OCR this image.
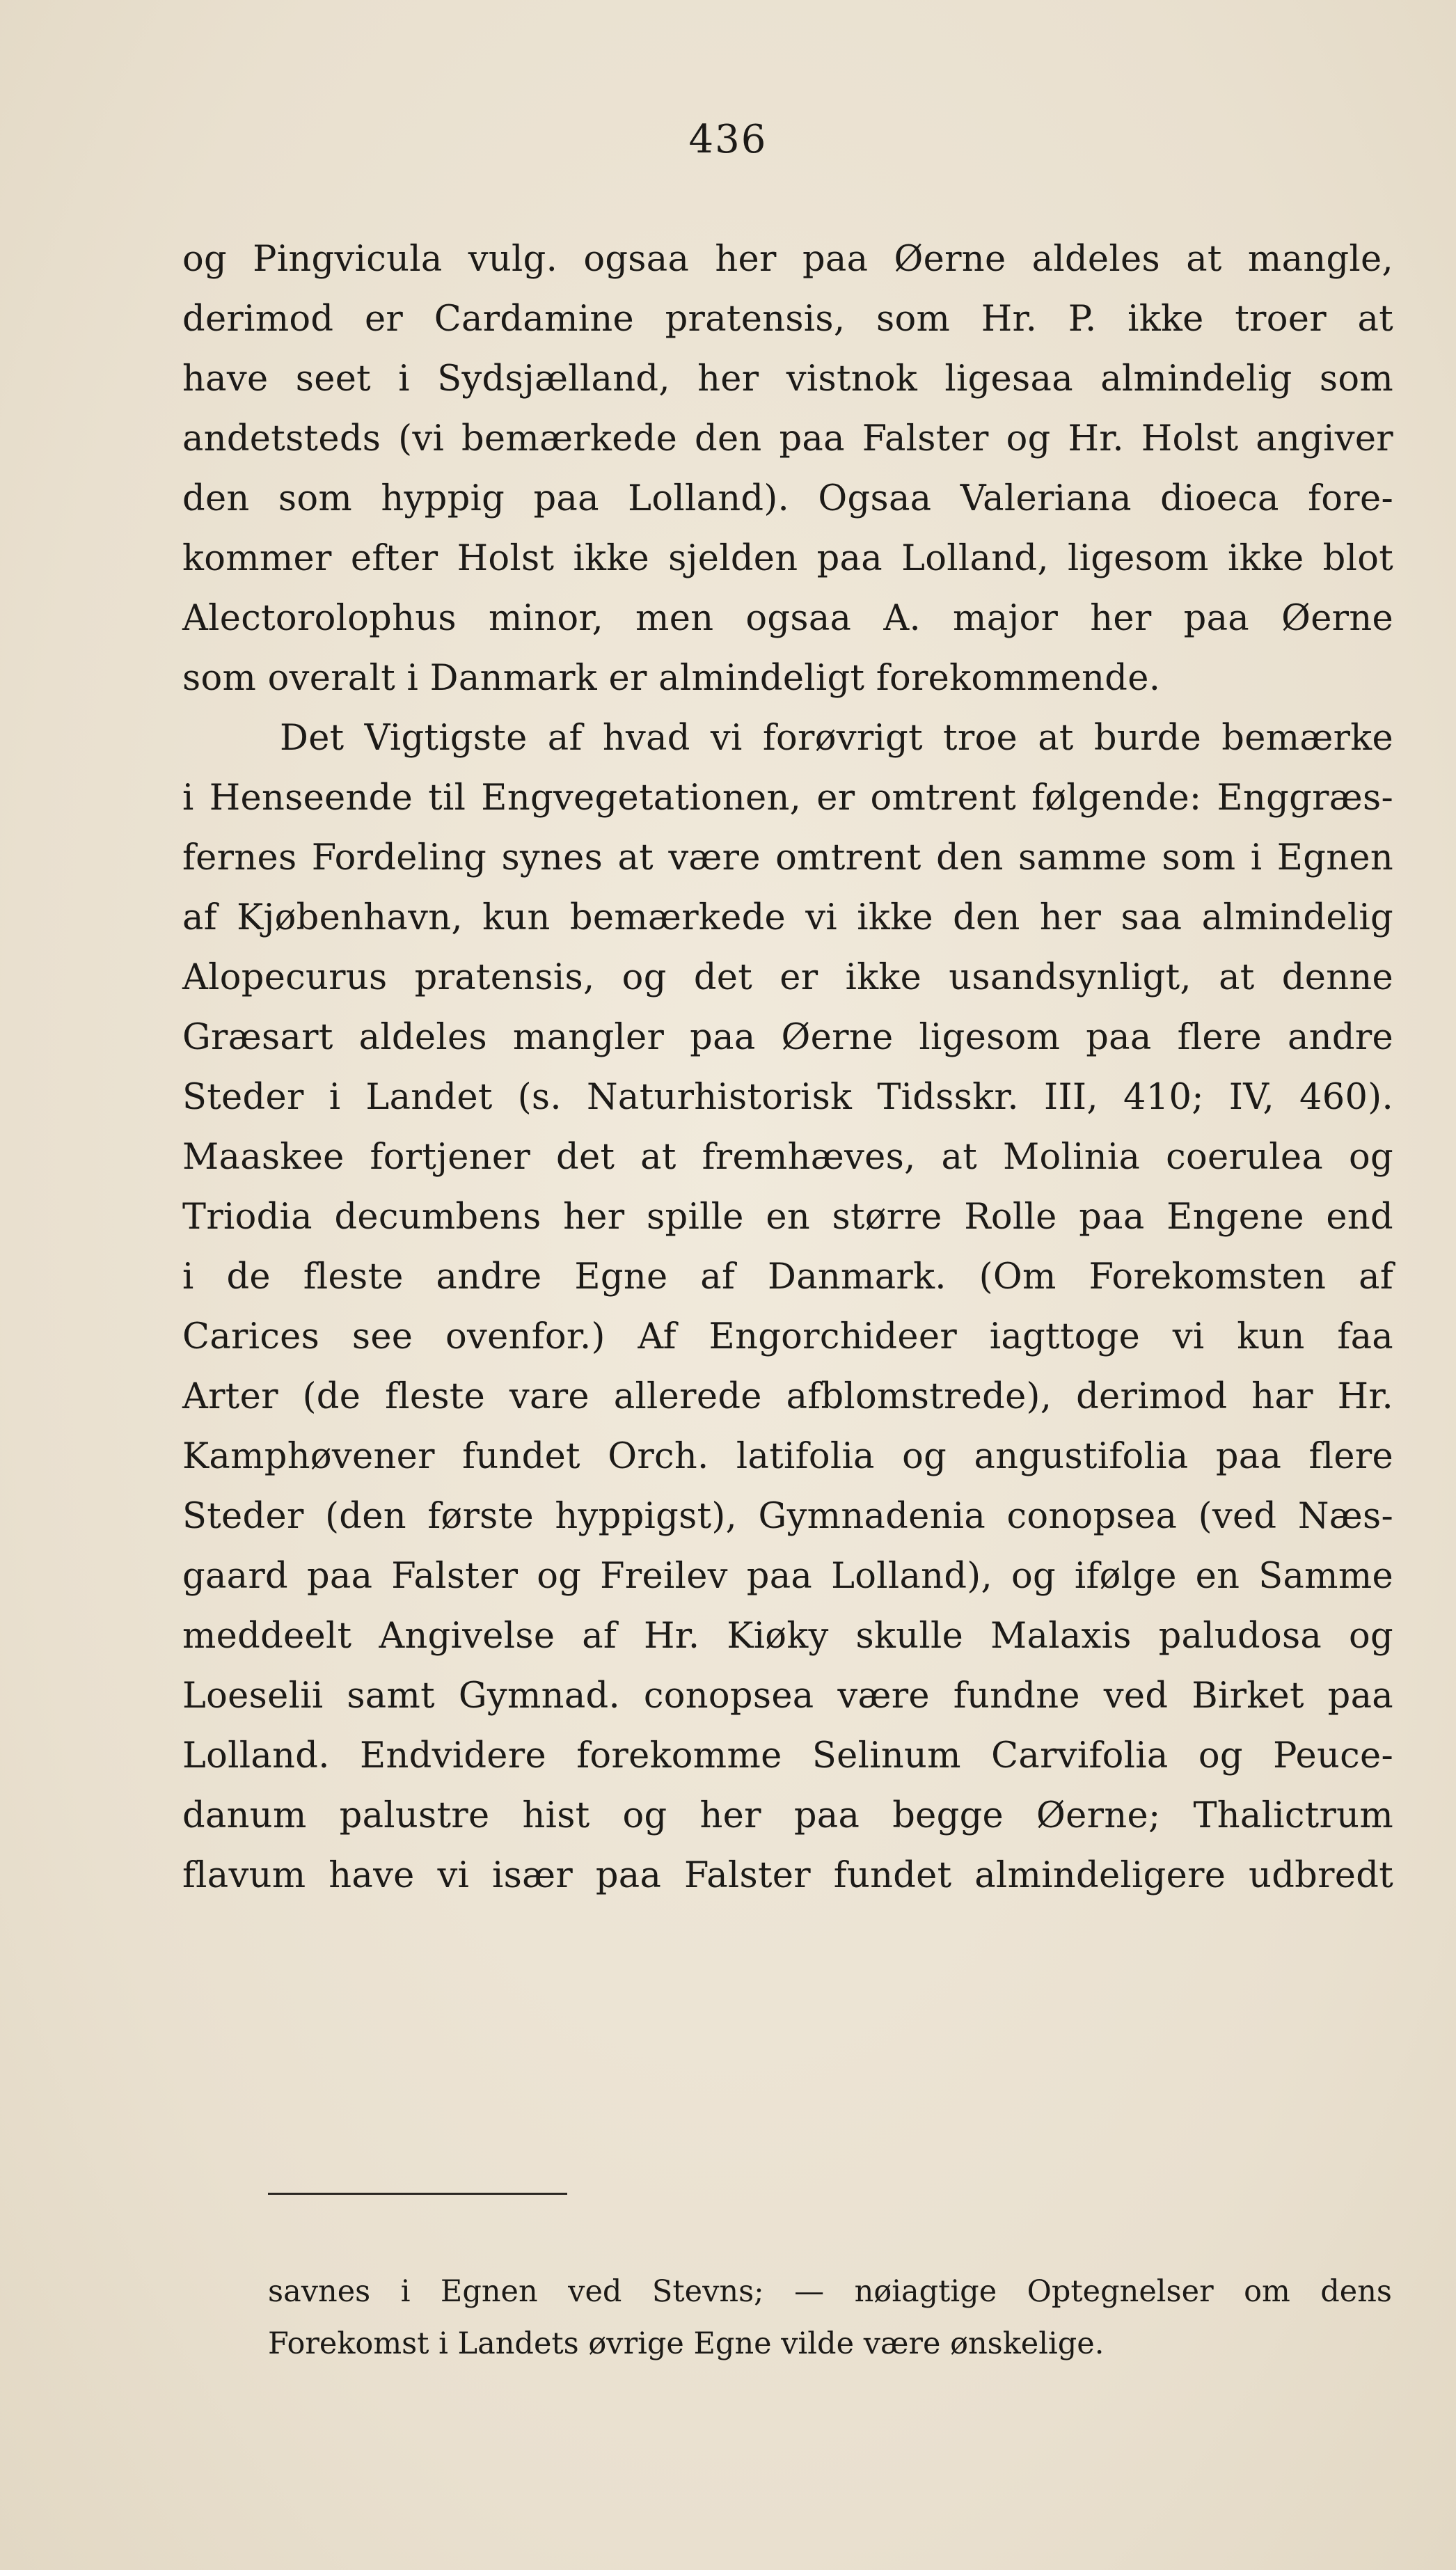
436
og Pingvicula vulg. ogsaa her paa Øerne aldeles at mangle,
derimod er Cardamine pratensis, som Hr. P. ikke troer at
have seet i Sydsjælland, her vistnok ligesaa almindelig som
andetsteds (vi bemærkede den paa Falster og Hr. Holst angiver
den som hyppig paa Lolland). Ogsaa Valeriana dioeca fore-
kommer efter Holst ikke sjelden paa Lolland, ligesom ikke blot
Alectorolophus minor, men ogsaa A. major her paa Øerne
som overalt i Danmark er almindeligt forekommende.
Det Vigtigste af hvad vi forøvrigt troe at burde bemærke
i Henseende til Engvegetationen, er omtrent følgende: Enggræs-
fernes Fordeling synes at være omtrent den samme som i Egnen
af Kjøbenhavn, kun bemærkede vi ikke den her saa almindelig
Alopecurus pratensis, og det er ikke usandsynligt, at denne
Græsart aldeles mangler paa Øerne ligesom paa flere andre
Steder i Landet (s. Naturhistorisk Tidsskr. III, 410; IV, 460).
Maaskee fortjener det at fremhæves, at Molinia coerulea og
Triodia decumbens her spille en større Rolle paa Engene end
i de fleste andre Egne af Danmark. (Om Forekomsten af
Carices see ovenfor.) Af Engorchideer iagttoge vi kun faa
Arter (de fleste vare allerede afblomstrede), derimod har Hr.
Kamphøvener fundet Orch. latifolia og angustifolia paa flere
Steder (den første hyppigst), Gymnadenia conopsea (ved Næs-
gaard paa Falster og Freilev paa Lolland), og ifølge en Samme
meddeelt Angivelse af Hr. Kiøky skulle Malaxis paludosa og
Loeselii samt Gymnad. conopsea være fundne ved Birket paa
Lolland. Endvidere forekomme Selinum Carvifolia og Peuce-
danum palustre hist og her paa begge Øerne; Thalictrum
flavum have vi især paa Falster fundet almindeligere udbredt
savnes i Egnen ved Stevns; — nøiagtige Optegnelser om dens
Forekomst i Landets øvrige Egne vilde være ønskelige.
